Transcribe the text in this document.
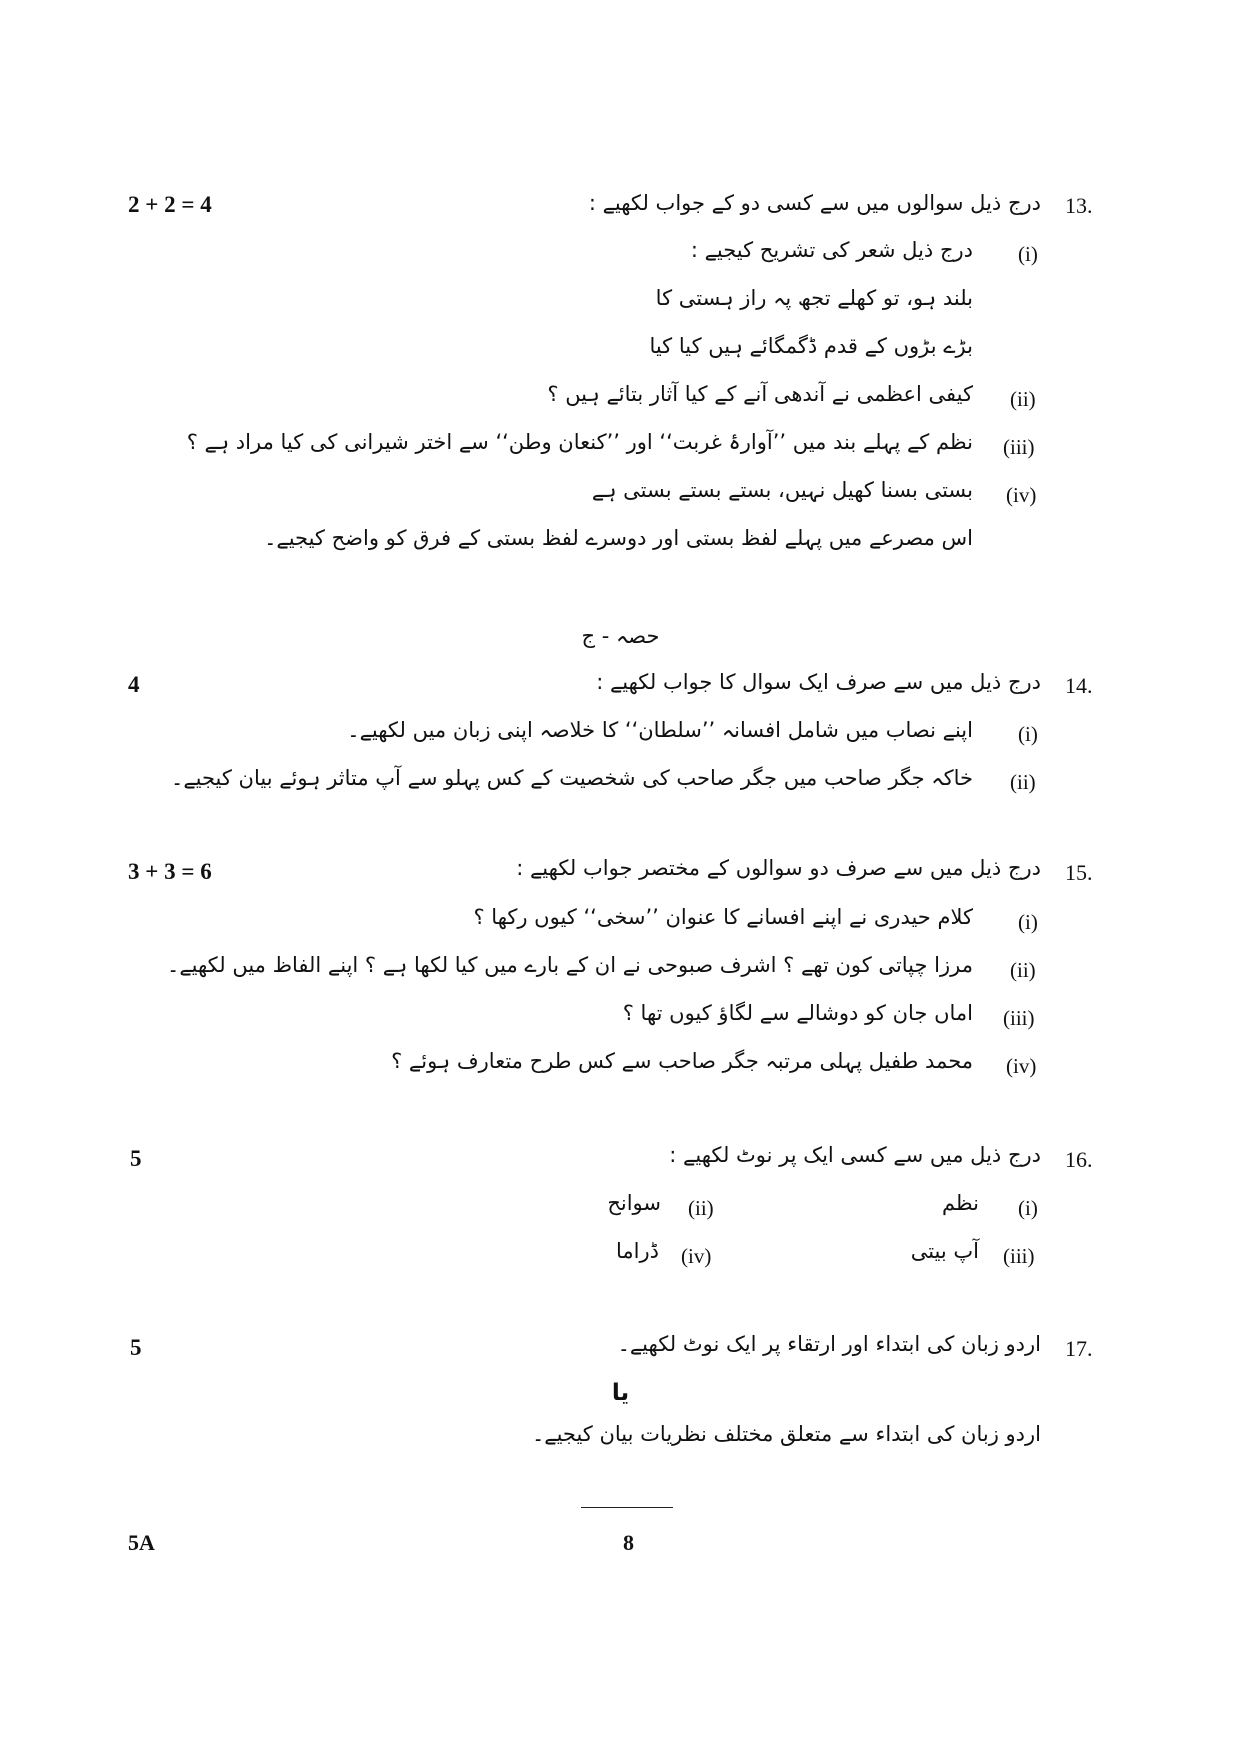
2 + 2 = 4	13.
درج ذیل سوالوں میں سے کسی دو کے جواب لکھیے :
(i)
درج ذیل شعر کی تشریح کیجیے :
بلند ہو، تو کھلے تجھ پہ راز ہستی کا
بڑے بڑوں کے قدم ڈگمگائے ہیں کیا کیا
(ii)
کیفی اعظمی نے آندھی آنے کے کیا آثار بتائے ہیں ؟
(iii)
نظم کے پہلے بند میں ’’آوارۂ غربت‘‘ اور ’’کنعان وطن‘‘ سے اختر شیرانی کی کیا مراد ہے ؟
(iv)
بستی بسنا کھیل نہیں، بستے بستے بستی ہے
اس مصرعے میں پہلے لفظ بستی اور دوسرے لفظ بستی کے فرق کو واضح کیجیے۔
حصہ - ج
4	14.
درج ذیل میں سے صرف ایک سوال کا جواب لکھیے :
(i)
اپنے نصاب میں شامل افسانہ ’’سلطان‘‘ کا خلاصہ اپنی زبان میں لکھیے۔
(ii)
خاکہ جگر صاحب میں جگر صاحب کی شخصیت کے کس پہلو سے آپ متاثر ہوئے بیان کیجیے۔
3 + 3 = 6	15.
درج ذیل میں سے صرف دو سوالوں کے مختصر جواب لکھیے :
(i)
کلام حیدری نے اپنے افسانے کا عنوان ’’سخی‘‘ کیوں رکھا ؟
(ii)
مرزا چپاتی کون تھے ؟ اشرف صبوحی نے ان کے بارے میں کیا لکھا ہے ؟ اپنے الفاظ میں لکھیے۔
(iii)
اماں جان کو دوشالے سے لگاؤ کیوں تھا ؟
(iv)
محمد طفیل پہلی مرتبہ جگر صاحب سے کس طرح متعارف ہوئے ؟
5	16.
درج ذیل میں سے کسی ایک پر نوٹ لکھیے :
(i)
نظم
(ii)
سوانح
(iii)
آپ بیتی
(iv)
ڈراما
5	17.
اردو زبان کی ابتداء اور ارتقاء پر ایک نوٹ لکھیے۔
یا
اردو زبان کی ابتداء سے متعلق مختلف نظریات بیان کیجیے۔
5A	8
